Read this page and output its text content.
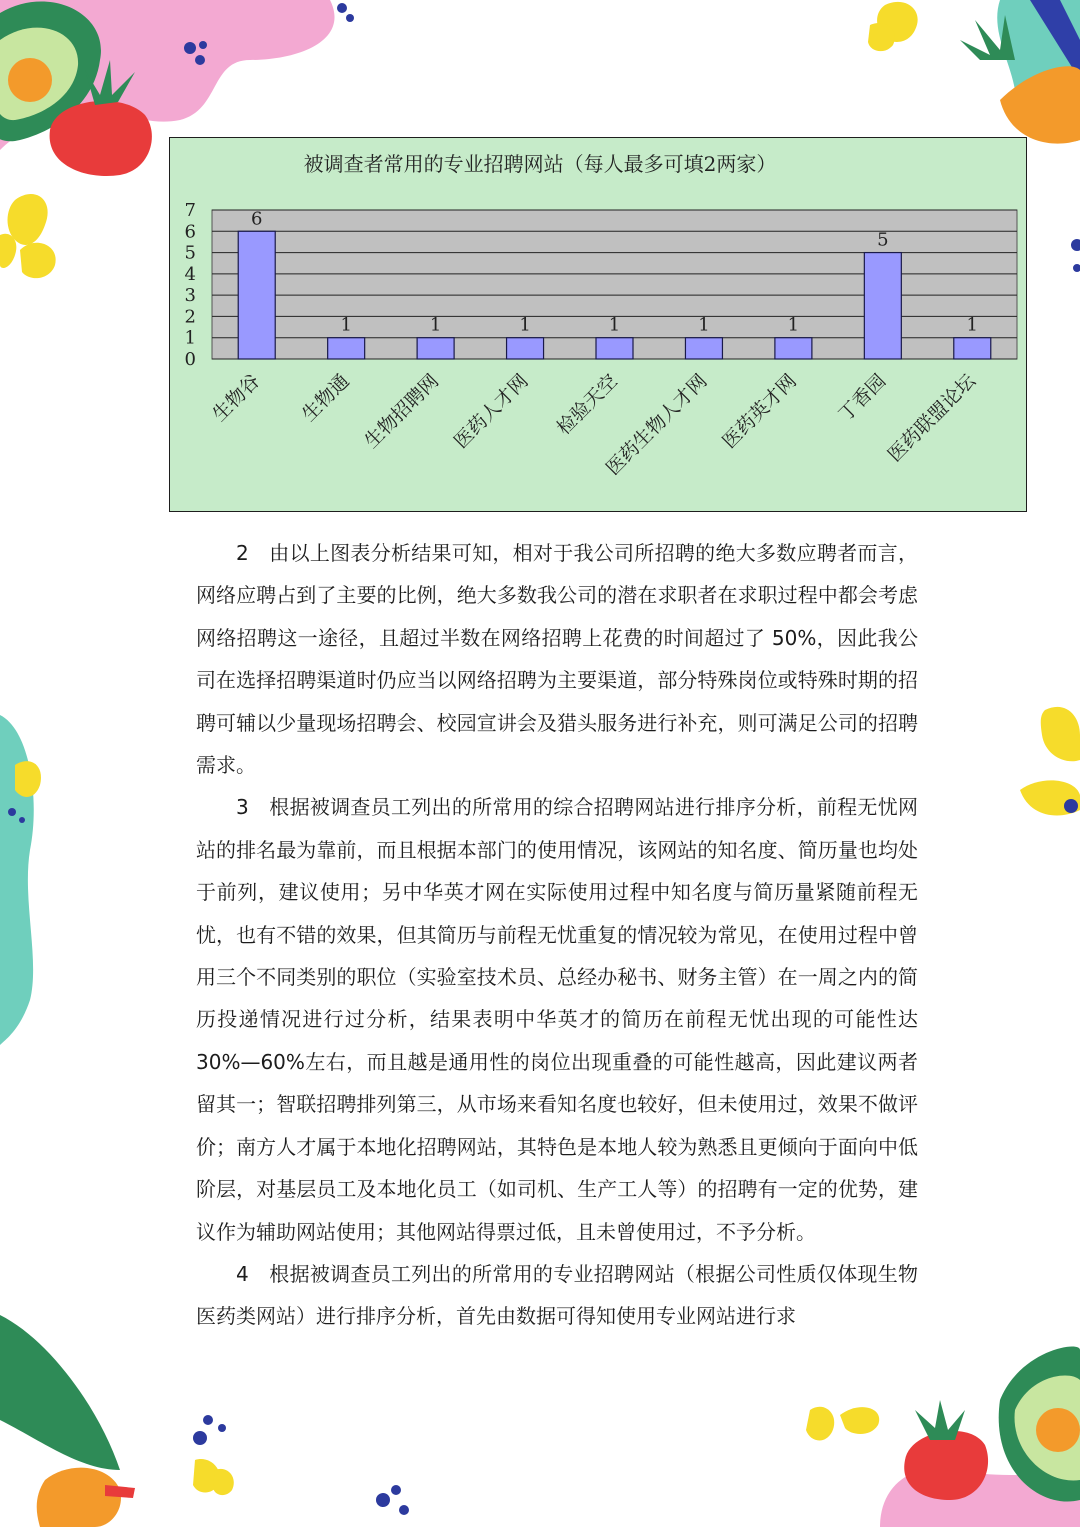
0
1
2
3
4
5
6
7	6
生物谷
1
生物通
1
生物招聘网
1
医药人才网
1
检验天空
1
医药生物人才网
1
医药英才网
5
丁香园
1
医药联盟论坛
被调查者常用的专业招聘网站（每人最多可填2两家）

2　由以上图表分析结果可知，相对于我公司所招聘的绝大多数应聘者而言，网络应聘占到了主要的比例，绝大多数我公司的潜在求职者在求职过程中都会考虑网络招聘这一途径，且超过半数在网络招聘上花费的时间超过了 50%，因此我公司在选择招聘渠道时仍应当以网络招聘为主要渠道，部分特殊岗位或特殊时期的招聘可辅以少量现场招聘会、校园宣讲会及猎头服务进行补充，则可满足公司的招聘需求。

3　根据被调查员工列出的所常用的综合招聘网站进行排序分析，前程无忧网站的排名最为靠前，而且根据本部门的使用情况，该网站的知名度、简历量也均处于前列，建议使用；另中华英才网在实际使用过程中知名度与简历量紧随前程无忧，也有不错的效果，但其简历与前程无忧重复的情况较为常见，在使用过程中曾用三个不同类别的职位（实验室技术员、总经办秘书、财务主管）在一周之内的简历投递情况进行过分析，结果表明中华英才的简历在前程无忧出现的可能性达 30%—60%左右，而且越是通用性的岗位出现重叠的可能性越高，因此建议两者留其一；智联招聘排列第三，从市场来看知名度也较好，但未使用过，效果不做评价；南方人才属于本地化招聘网站，其特色是本地人较为熟悉且更倾向于面向中低阶层，对基层员工及本地化员工（如司机、生产工人等）的招聘有一定的优势，建议作为辅助网站使用；其他网站得票过低，且未曾使用过，不予分析。

4　根据被调查员工列出的所常用的专业招聘网站（根据公司性质仅体现生物医药类网站）进行排序分析，首先由数据可得知使用专业网站进行求
